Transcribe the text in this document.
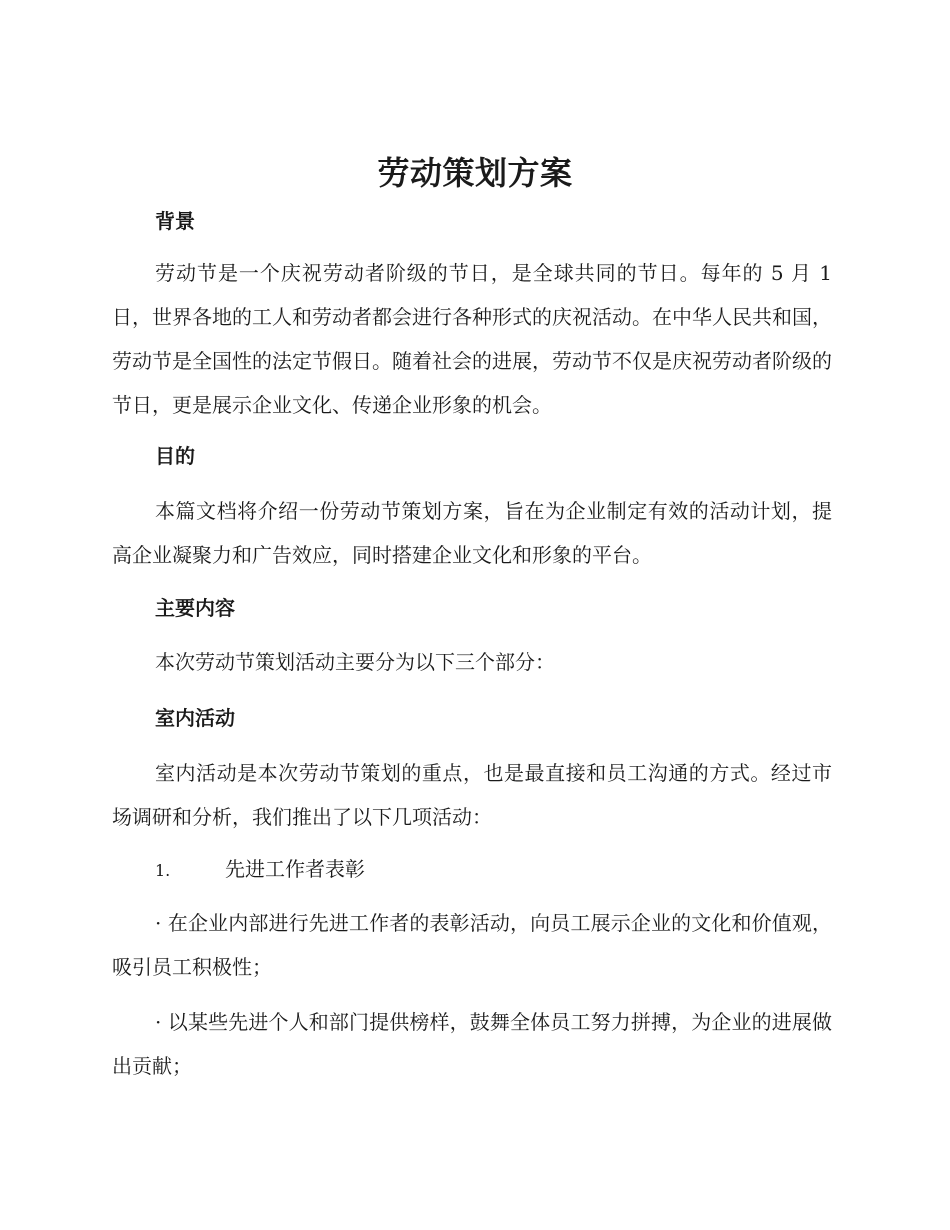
劳动策划方案
背景

劳动节是一个庆祝劳动者阶级的节日，是全球共同的节日。每年的 5 月 1 日，世界各地的工人和劳动者都会进行各种形式的庆祝活动。在中华人民共和国，劳动节是全国性的法定节假日。随着社会的进展，劳动节不仅是庆祝劳动者阶级的节日，更是展示企业文化、传递企业形象的机会。

目的

本篇文档将介绍一份劳动节策划方案，旨在为企业制定有效的活动计划，提高企业凝聚力和广告效应，同时搭建企业文化和形象的平台。

主要内容

本次劳动节策划活动主要分为以下三个部分：

室内活动

室内活动是本次劳动节策划的重点，也是最直接和员工沟通的方式。经过市场调研和分析，我们推出了以下几项活动：

1.	先进工作者表彰

· 在企业内部进行先进工作者的表彰活动，向员工展示企业的文化和价值观，吸引员工积极性；

· 以某些先进个人和部门提供榜样，鼓舞全体员工努力拼搏，为企业的进展做出贡献；
